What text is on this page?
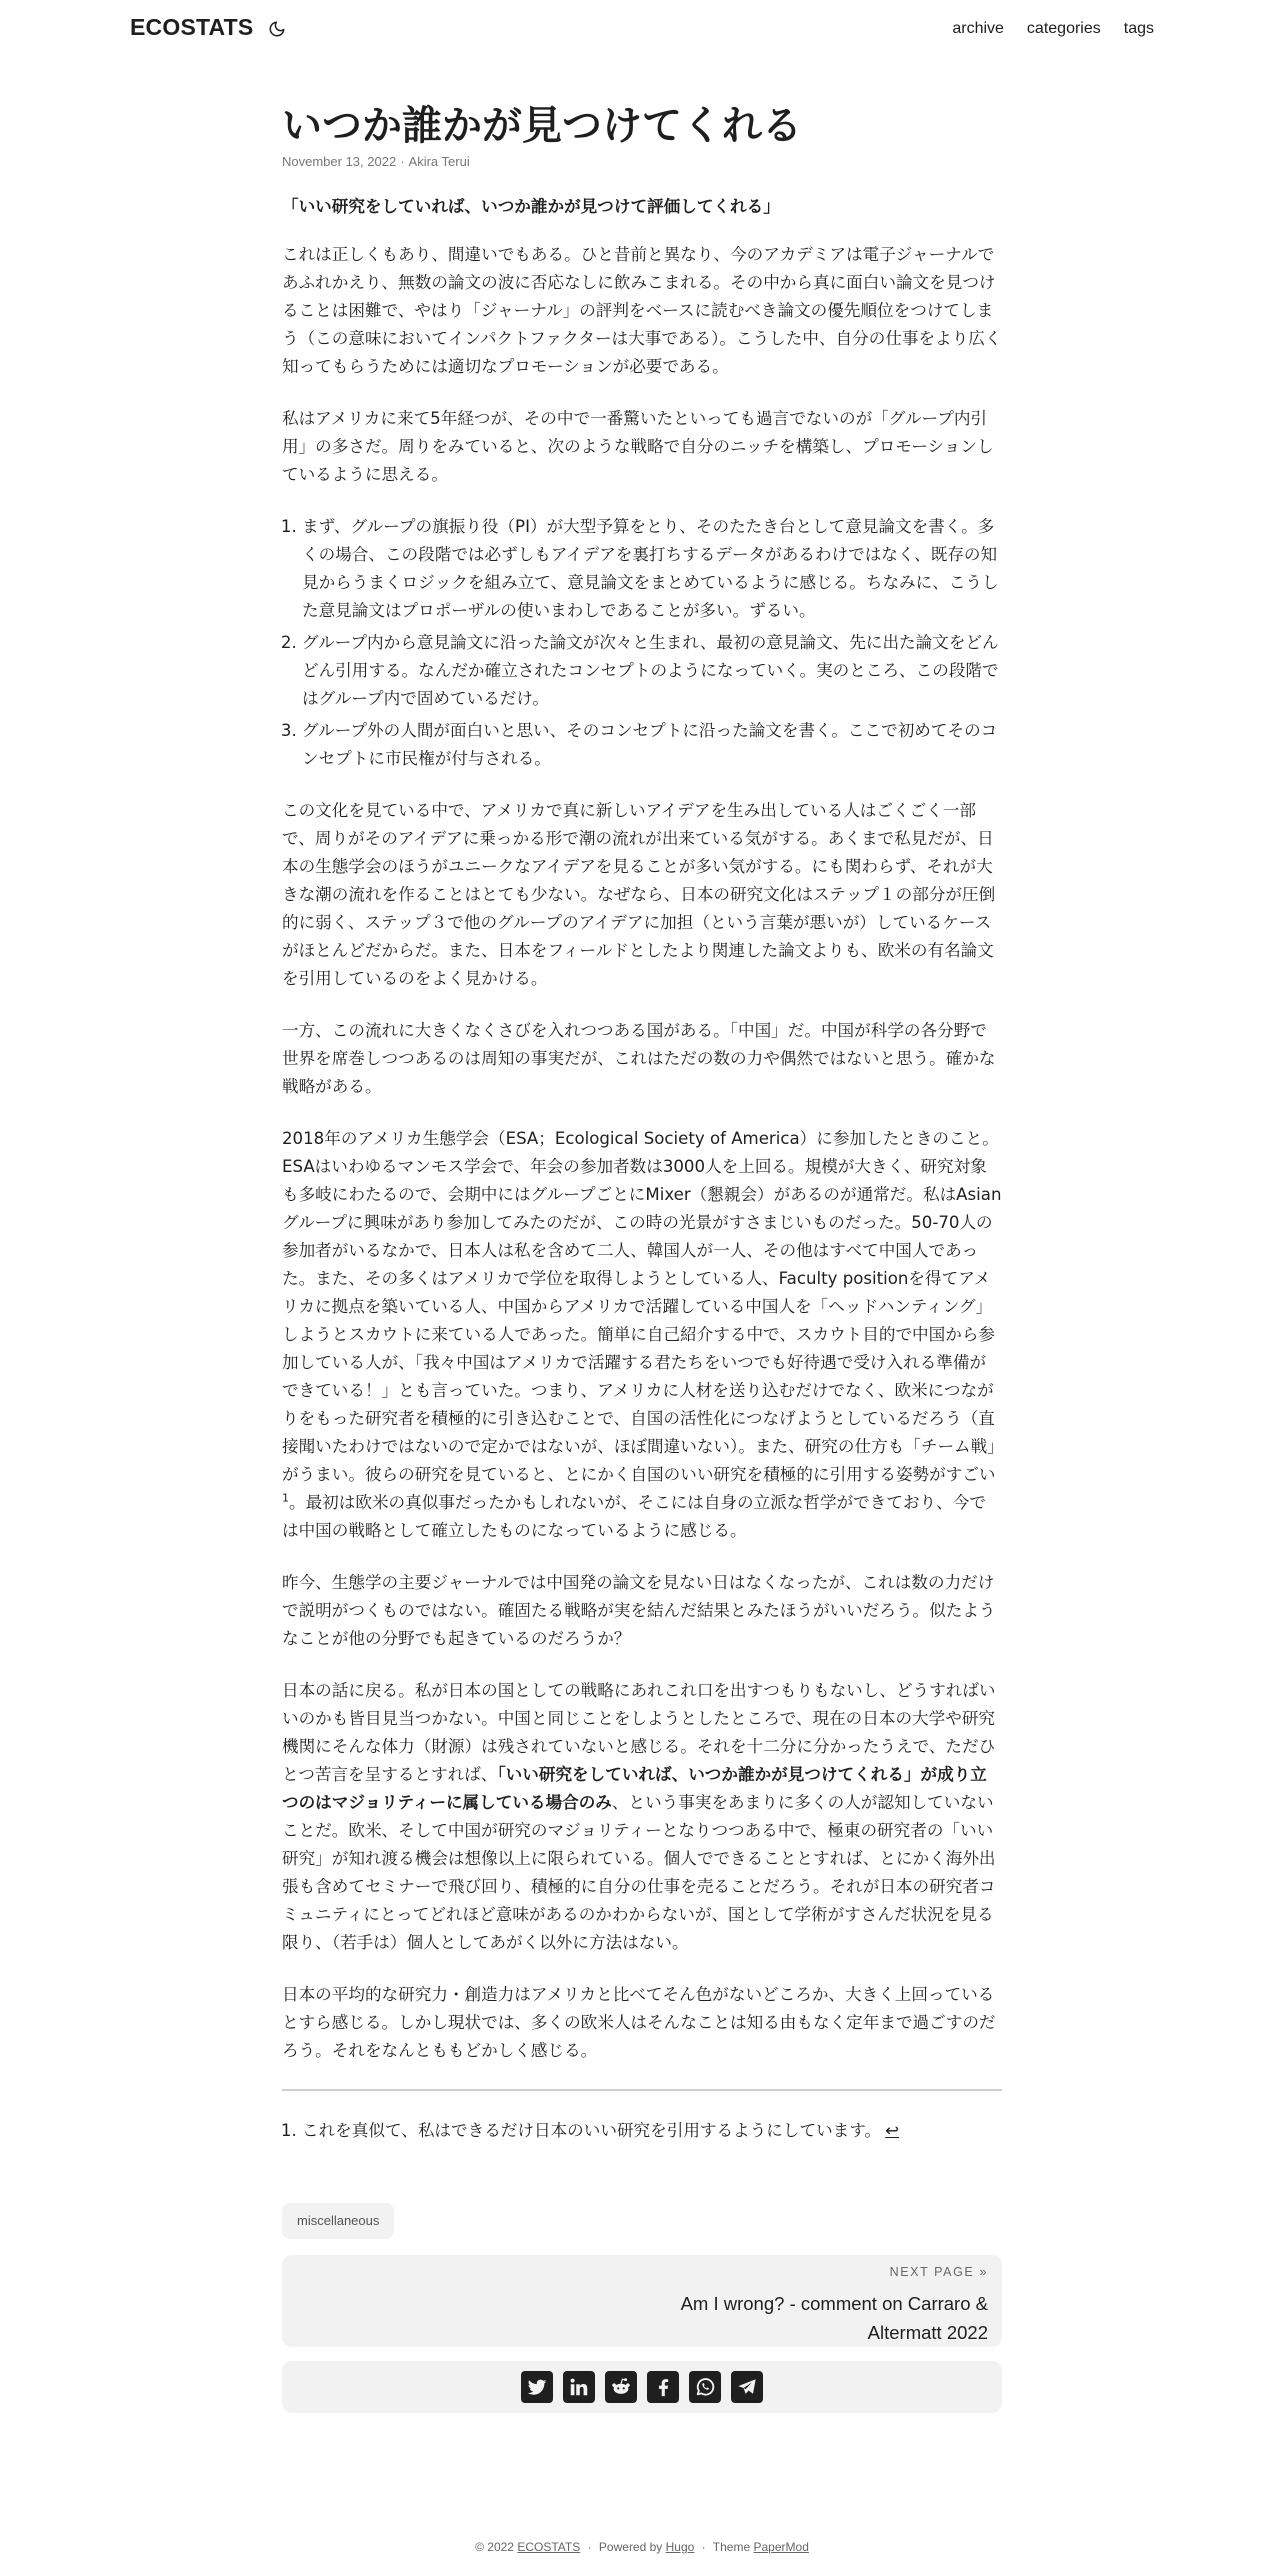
ECOSTATS	archive categories tags
いつか誰かが見つけてくれる
November 13, 2022 · Akira Terui

「いい研究をしていれば、いつか誰かが見つけて評価してくれる」

これは正しくもあり、間違いでもある。ひと昔前と異なり、今のアカデミアは電子ジャーナルであふれかえり、無数の論文の波に否応なしに飲みこまれる。その中から真に面白い論文を見つけることは困難で、やはり「ジャーナル」の評判をベースに読むべき論文の優先順位をつけてしまう（この意味においてインパクトファクターは大事である）。こうした中、自分の仕事をより広く知ってもらうためには適切なプロモーションが必要である。

私はアメリカに来て5年経つが、その中で一番驚いたといっても過言でないのが「グループ内引用」の多さだ。周りをみていると、次のような戦略で自分のニッチを構築し、プロモーションしているように思える。

1. まず、グループの旗振り役（PI）が大型予算をとり、そのたたき台として意見論文を書く。多くの場合、この段階では必ずしもアイデアを裏打ちするデータがあるわけではなく、既存の知見からうまくロジックを組み立て、意見論文をまとめているように感じる。ちなみに、こうした意見論文はプロポーザルの使いまわしであることが多い。ずるい。
2. グループ内から意見論文に沿った論文が次々と生まれ、最初の意見論文、先に出た論文をどんどん引用する。なんだか確立されたコンセプトのようになっていく。実のところ、この段階ではグループ内で固めているだけ。
3. グループ外の人間が面白いと思い、そのコンセプトに沿った論文を書く。ここで初めてそのコンセプトに市民権が付与される。

この文化を見ている中で、アメリカで真に新しいアイデアを生み出している人はごくごく一部で、周りがそのアイデアに乗っかる形で潮の流れが出来ている気がする。あくまで私見だが、日本の生態学会のほうがユニークなアイデアを見ることが多い気がする。にも関わらず、それが大きな潮の流れを作ることはとても少ない。なぜなら、日本の研究文化はステップ１の部分が圧倒的に弱く、ステップ３で他のグループのアイデアに加担（という言葉が悪いが）しているケースがほとんどだからだ。また、日本をフィールドとしたより関連した論文よりも、欧米の有名論文を引用しているのをよく見かける。

一方、この流れに大きくなくさびを入れつつある国がある。「中国」だ。中国が科学の各分野で世界を席巻しつつあるのは周知の事実だが、これはただの数の力や偶然ではないと思う。確かな戦略がある。

2018年のアメリカ生態学会（ESA；Ecological Society of America）に参加したときのこと。ESAはいわゆるマンモス学会で、年会の参加者数は3000人を上回る。規模が大きく、研究対象も多岐にわたるので、会期中にはグループごとにMixer（懇親会）があるのが通常だ。私はAsianグループに興味があり参加してみたのだが、この時の光景がすさまじいものだった。50-70人の参加者がいるなかで、日本人は私を含めて二人、韓国人が一人、その他はすべて中国人であった。また、その多くはアメリカで学位を取得しようとしている人、Faculty positionを得てアメリカに拠点を築いている人、中国からアメリカで活躍している中国人を「ヘッドハンティング」しようとスカウトに来ている人であった。簡単に自己紹介する中で、スカウト目的で中国から参加している人が、「我々中国はアメリカで活躍する君たちをいつでも好待遇で受け入れる準備ができている！」とも言っていた。つまり、アメリカに人材を送り込むだけでなく、欧米につながりをもった研究者を積極的に引き込むことで、自国の活性化につなげようとしているだろう（直接聞いたわけではないので定かではないが、ほぼ間違いない）。また、研究の仕方も「チーム戦」がうまい。彼らの研究を見ていると、とにかく自国のいい研究を積極的に引用する姿勢がすごい$^1$。最初は欧米の真似事だったかもしれないが、そこには自身の立派な哲学ができており、今では中国の戦略として確立したものになっているように感じる。

昨今、生態学の主要ジャーナルでは中国発の論文を見ない日はなくなったが、これは数の力だけで説明がつくものではない。確固たる戦略が実を結んだ結果とみたほうがいいだろう。似たようなことが他の分野でも起きているのだろうか？

日本の話に戻る。私が日本の国としての戦略にあれこれ口を出すつもりもないし、どうすればいいのかも皆目見当つかない。中国と同じことをしようとしたところで、現在の日本の大学や研究機関にそんな体力（財源）は残されていないと感じる。それを十二分に分かったうえで、ただひとつ苦言を呈するとすれば、「いい研究をしていれば、いつか誰かが見つけてくれる」が成り立つのはマジョリティーに属している場合のみ、という事実をあまりに多くの人が認知していないことだ。欧米、そして中国が研究のマジョリティーとなりつつある中で、極東の研究者の「いい研究」が知れ渡る機会は想像以上に限られている。個人でできることとすれば、とにかく海外出張も含めてセミナーで飛び回り、積極的に自分の仕事を売ることだろう。それが日本の研究者コミュニティにとってどれほど意味があるのかわからないが、国として学術がすさんだ状況を見る限り、（若手は）個人としてあがく以外に方法はない。

日本の平均的な研究力・創造力はアメリカと比べてそん色がないどころか、大きく上回っているとすら感じる。しかし現状では、多くの欧米人はそんなことは知る由もなく定年まで過ごすのだろう。それをなんとももどかしく感じる。

1. これを真似て、私はできるだけ日本のいい研究を引用するようにしています。 ↩
miscellaneous
NEXT PAGE »
Am I wrong? - comment on Carraro & Altermatt 2022
© 2022 ECOSTATS · Powered by Hugo · Theme PaperMod
